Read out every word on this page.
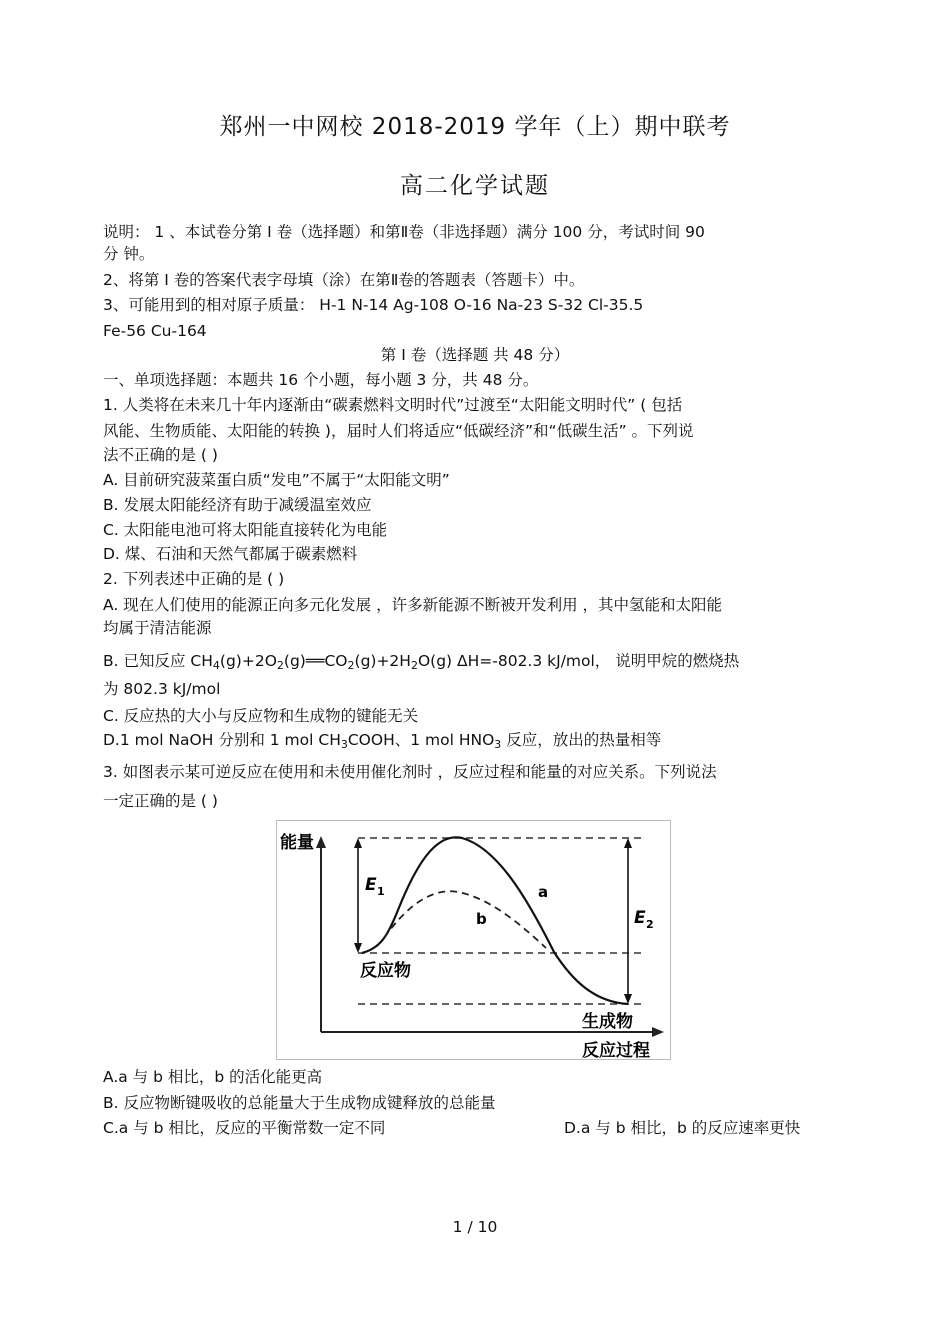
郑州一中网校 2018-2019 学年（上）期中联考
高二化学试题
说明： 1 、本试卷分第 I 卷（选择题）和第Ⅱ卷（非选择题）满分 100 分，考试时间 90
分 钟。
2、将第 I 卷的答案代表字母填（涂）在第Ⅱ卷的答题表（答题卡）中。
3、可能用到的相对原子质量： H-1 N-14 Ag-108 O-16 Na-23 S-32 Cl-35.5
Fe-56 Cu-164
第 I 卷（选择题 共 48 分）
一、单项选择题：本题共 16 个小题，每小题 3 分，共 48 分。
1. 人类将在未来几十年内逐渐由“碳素燃料文明时代”过渡至“太阳能文明时代” ( 包括
风能、生物质能、太阳能的转换 )，届时人们将适应“低碳经济”和“低碳生活” 。下列说
法不正确的是 ( )
A. 目前研究菠菜蛋白质“发电”不属于“太阳能文明”
B. 发展太阳能经济有助于减缓温室效应
C. 太阳能电池可将太阳能直接转化为电能
D. 煤、石油和天然气都属于碳素燃料
2. 下列表述中正确的是 ( )
A. 现在人们使用的能源正向多元化发展 ，许多新能源不断被开发利用 ，其中氢能和太阳能
均属于清洁能源
B. 已知反应 $CH_4(g)+2O_2(g)══CO_2(g)+2H_2O(g)$ ΔH=-802.3 kJ/mol， 说明甲烷的燃烧热
为 802.3 kJ/mol
C. 反应热的大小与反应物和生成物的键能无关
D.1 mol NaOH 分别和 1 mol $CH_3COOH$、1 mol $HNO_3$ 反应，放出的热量相等
3. 如图表示某可逆反应在使用和未使用催化剂时 ，反应过程和能量的对应关系。下列说法
一定正确的是 ( )
能量
反应过程
反应物
生成物
a
b
E 1
E 2
A.a 与 b 相比，b 的活化能更高
B. 反应物断键吸收的总能量大于生成物成键释放的总能量
C.a 与 b 相比，反应的平衡常数一定不同	D.a 与 b 相比，b 的反应速率更快
1 / 10
